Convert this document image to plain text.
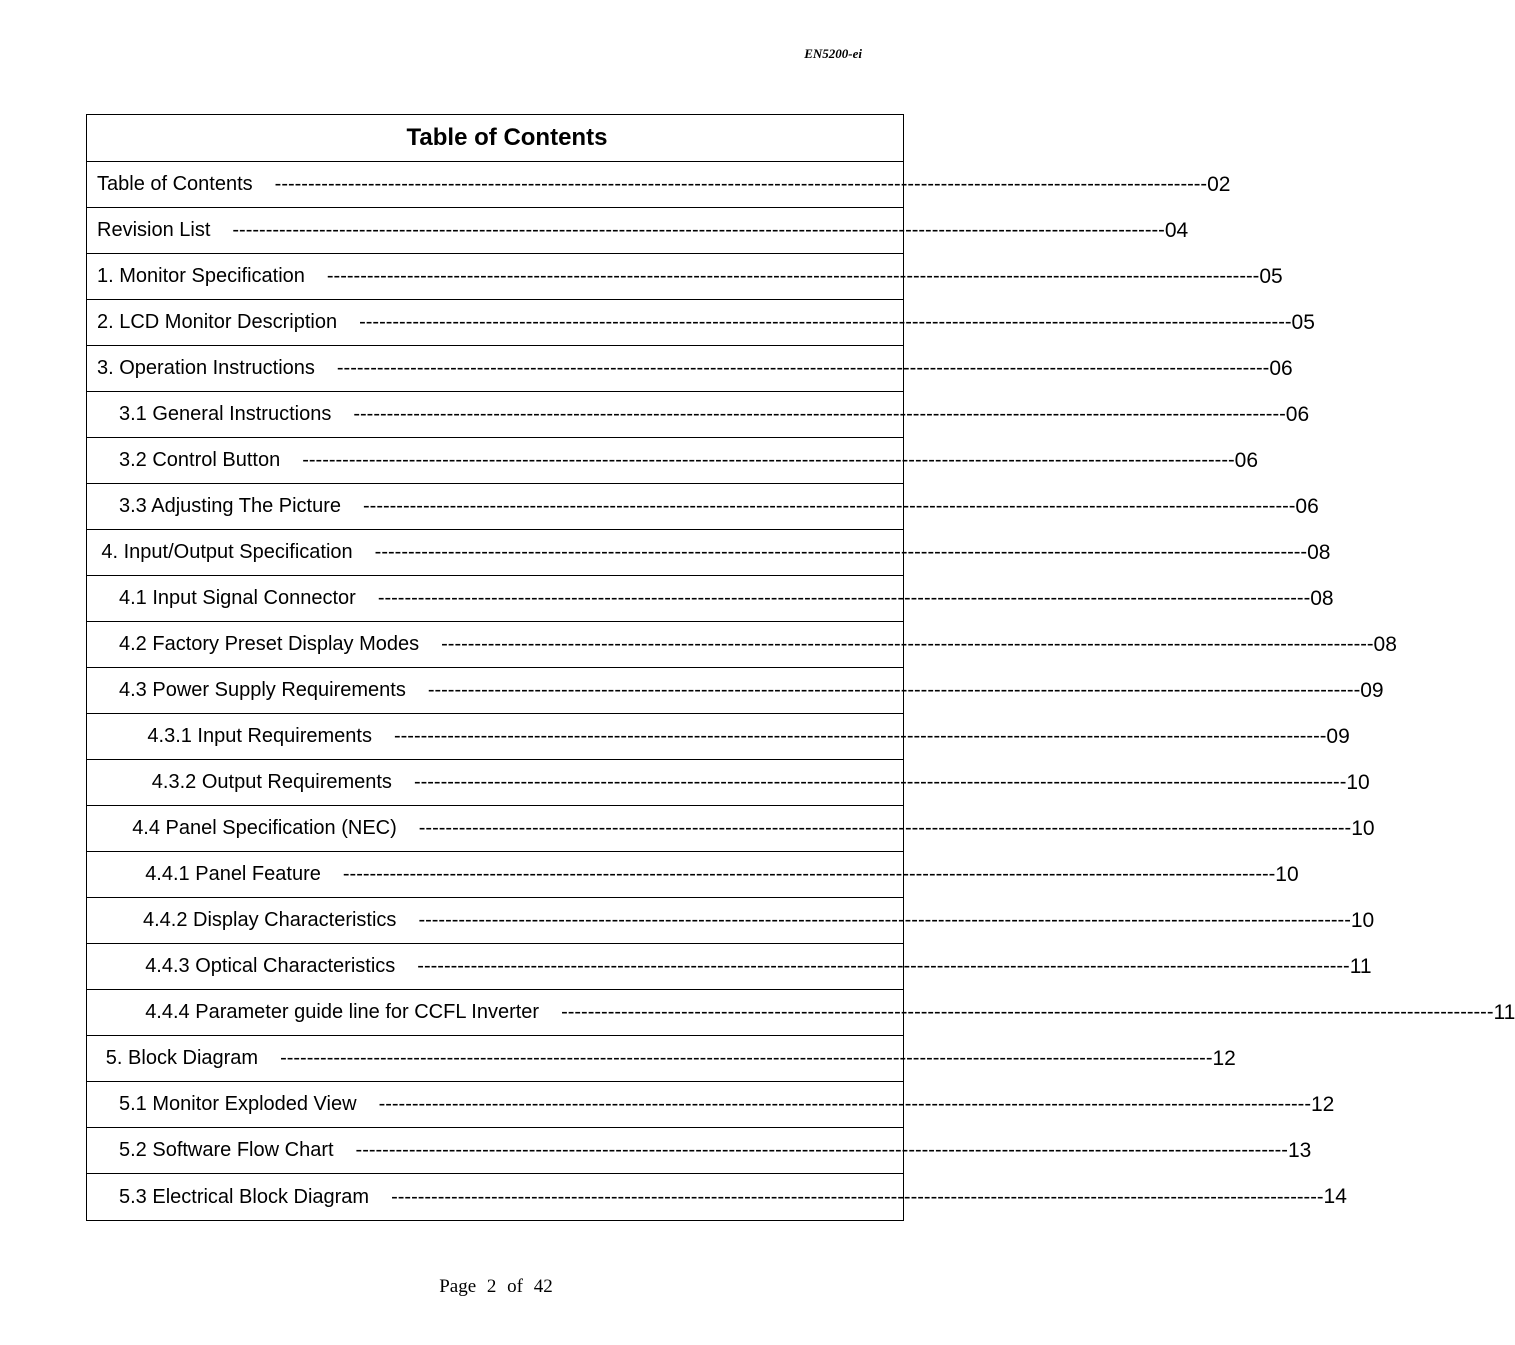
EN5200-ei
Table of Contents
Table of Contents -------------------------------------------------------------------------------------------------------------------------------------------- 02
Revision List -------------------------------------------------------------------------------------------------------------------------------------------- 04
1. Monitor Specification -------------------------------------------------------------------------------------------------------------------------------------------- 05
2. LCD Monitor Description -------------------------------------------------------------------------------------------------------------------------------------------- 05
3. Operation Instructions -------------------------------------------------------------------------------------------------------------------------------------------- 06
3.1 General Instructions -------------------------------------------------------------------------------------------------------------------------------------------- 06
3.2 Control Button -------------------------------------------------------------------------------------------------------------------------------------------- 06
3.3 Adjusting The Picture -------------------------------------------------------------------------------------------------------------------------------------------- 06
4. Input/Output Specification -------------------------------------------------------------------------------------------------------------------------------------------- 08
4.1 Input Signal Connector -------------------------------------------------------------------------------------------------------------------------------------------- 08
4.2 Factory Preset Display Modes -------------------------------------------------------------------------------------------------------------------------------------------- 08
4.3 Power Supply Requirements -------------------------------------------------------------------------------------------------------------------------------------------- 09
4.3.1 Input Requirements -------------------------------------------------------------------------------------------------------------------------------------------- 09
4.3.2 Output Requirements -------------------------------------------------------------------------------------------------------------------------------------------- 10
4.4 Panel Specification (NEC) -------------------------------------------------------------------------------------------------------------------------------------------- 10
4.4.1 Panel Feature -------------------------------------------------------------------------------------------------------------------------------------------- 10
4.4.2 Display Characteristics -------------------------------------------------------------------------------------------------------------------------------------------- 10
4.4.3 Optical Characteristics -------------------------------------------------------------------------------------------------------------------------------------------- 11
4.4.4 Parameter guide line for CCFL Inverter -------------------------------------------------------------------------------------------------------------------------------------------- 11
5. Block Diagram -------------------------------------------------------------------------------------------------------------------------------------------- 12
5.1 Monitor Exploded View -------------------------------------------------------------------------------------------------------------------------------------------- 12
5.2 Software Flow Chart -------------------------------------------------------------------------------------------------------------------------------------------- 13
5.3 Electrical Block Diagram -------------------------------------------------------------------------------------------------------------------------------------------- 14
Page 2 of 42
